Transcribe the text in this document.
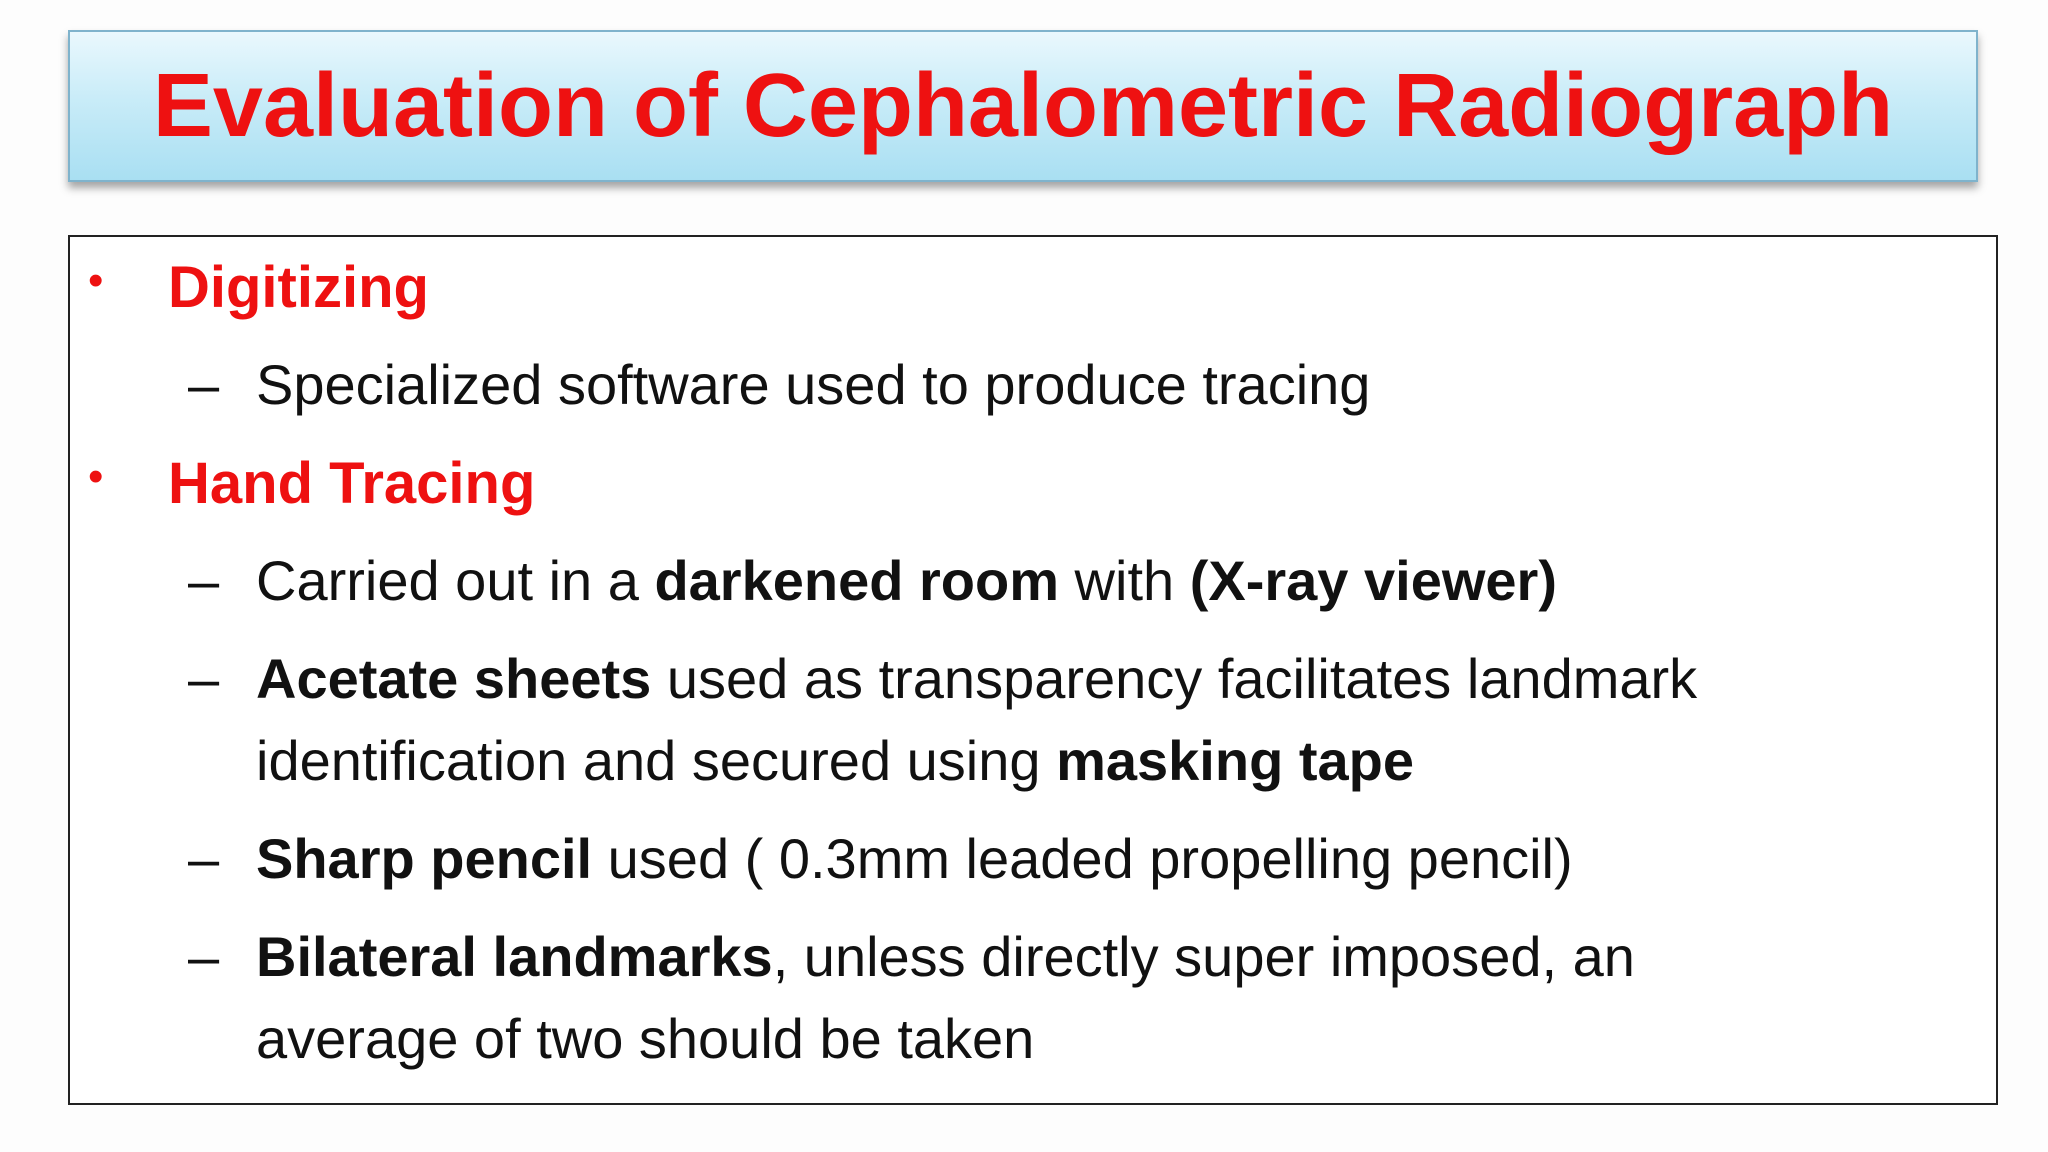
Evaluation of Cephalometric Radiograph
• Digitizing
– Specialized software used to produce tracing
• Hand Tracing
– Carried out in a darkened room with (X-ray viewer)
– Acetate sheets used as transparency facilitates landmark
identification and secured using masking tape
– Sharp pencil used ( 0.3mm leaded propelling pencil)
– Bilateral landmarks, unless directly super imposed, an
average of two should be taken
